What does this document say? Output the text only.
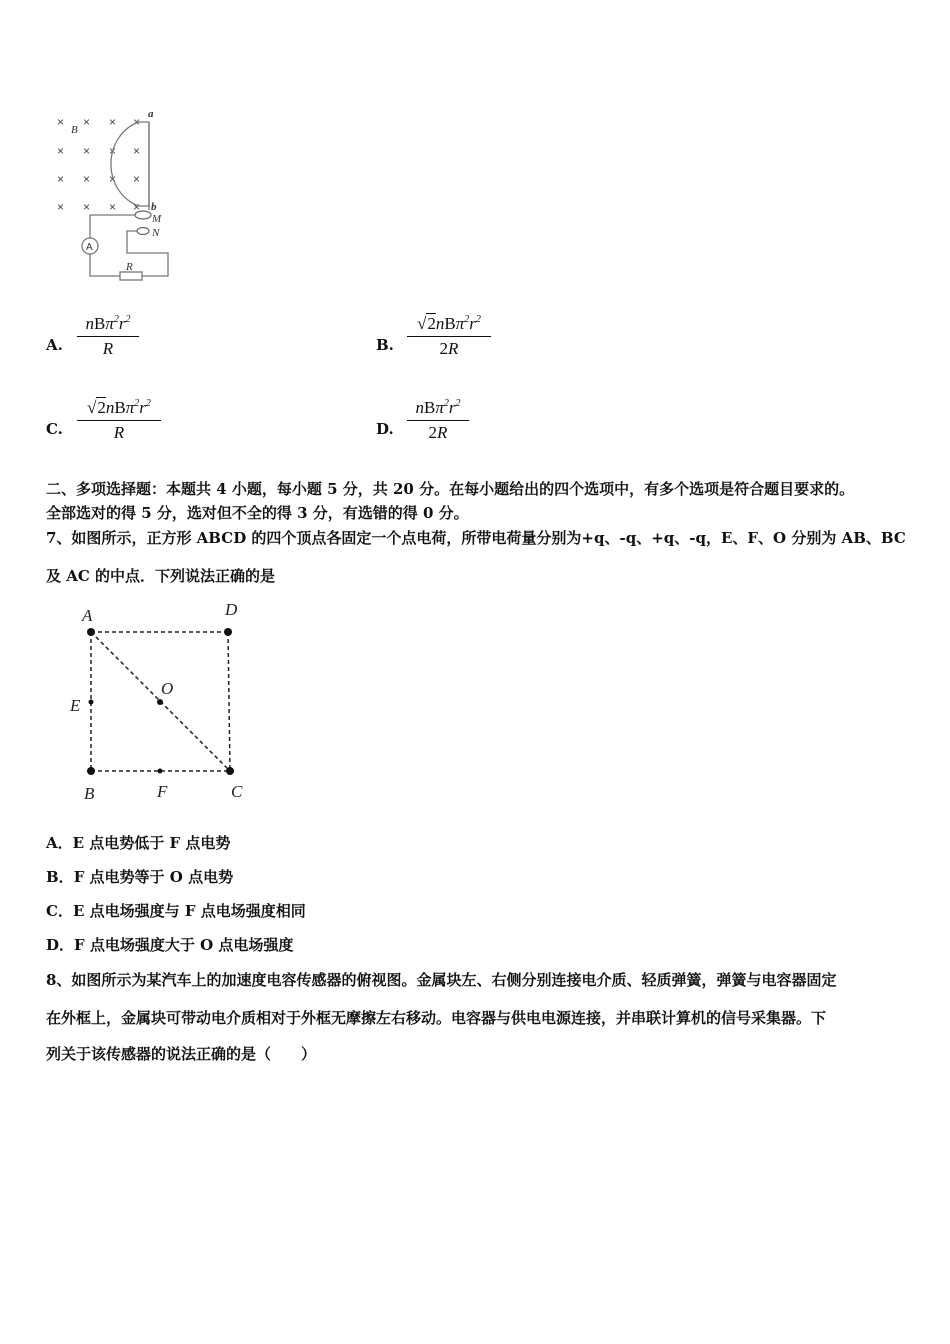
× × × ×
× × × ×
× × × ×
× × × ×
B
a
b
M
N
A
R
A.
$nB\pi^2r^2$
R	B.
$√2nB\pi^2r^2$
2R
C.
$√2nB\pi^2r^2$
R	D.
$nB\pi^2r^2$
2R
二、多项选择题：本题共 4 小题，每小题 5 分，共 20 分。在每小题给出的四个选项中，有多个选项是符合题目要求的。
全部选对的得 5 分，选对但不全的得 3 分，有选错的得 0 分。
7、如图所示，正方形 ABCD 的四个顶点各固定一个点电荷，所带电荷量分别为+q、-q、+q、-q，E、F、O 分别为 AB、BC
及 AC 的中点．下列说法正确的是
A	D
E
O
B	F	C
A．E 点电势低于 F 点电势
B．F 点电势等于 O 点电势
C．E 点电场强度与 F 点电场强度相同
D．F 点电场强度大于 O 点电场强度
8、如图所示为某汽车上的加速度电容传感器的俯视图。金属块左、右侧分别连接电介质、轻质弹簧，弹簧与电容器固定
在外框上，金属块可带动电介质相对于外框无摩擦左右移动。电容器与供电电源连接，并串联计算机的信号采集器。下
列关于该传感器的说法正确的是（　　）
